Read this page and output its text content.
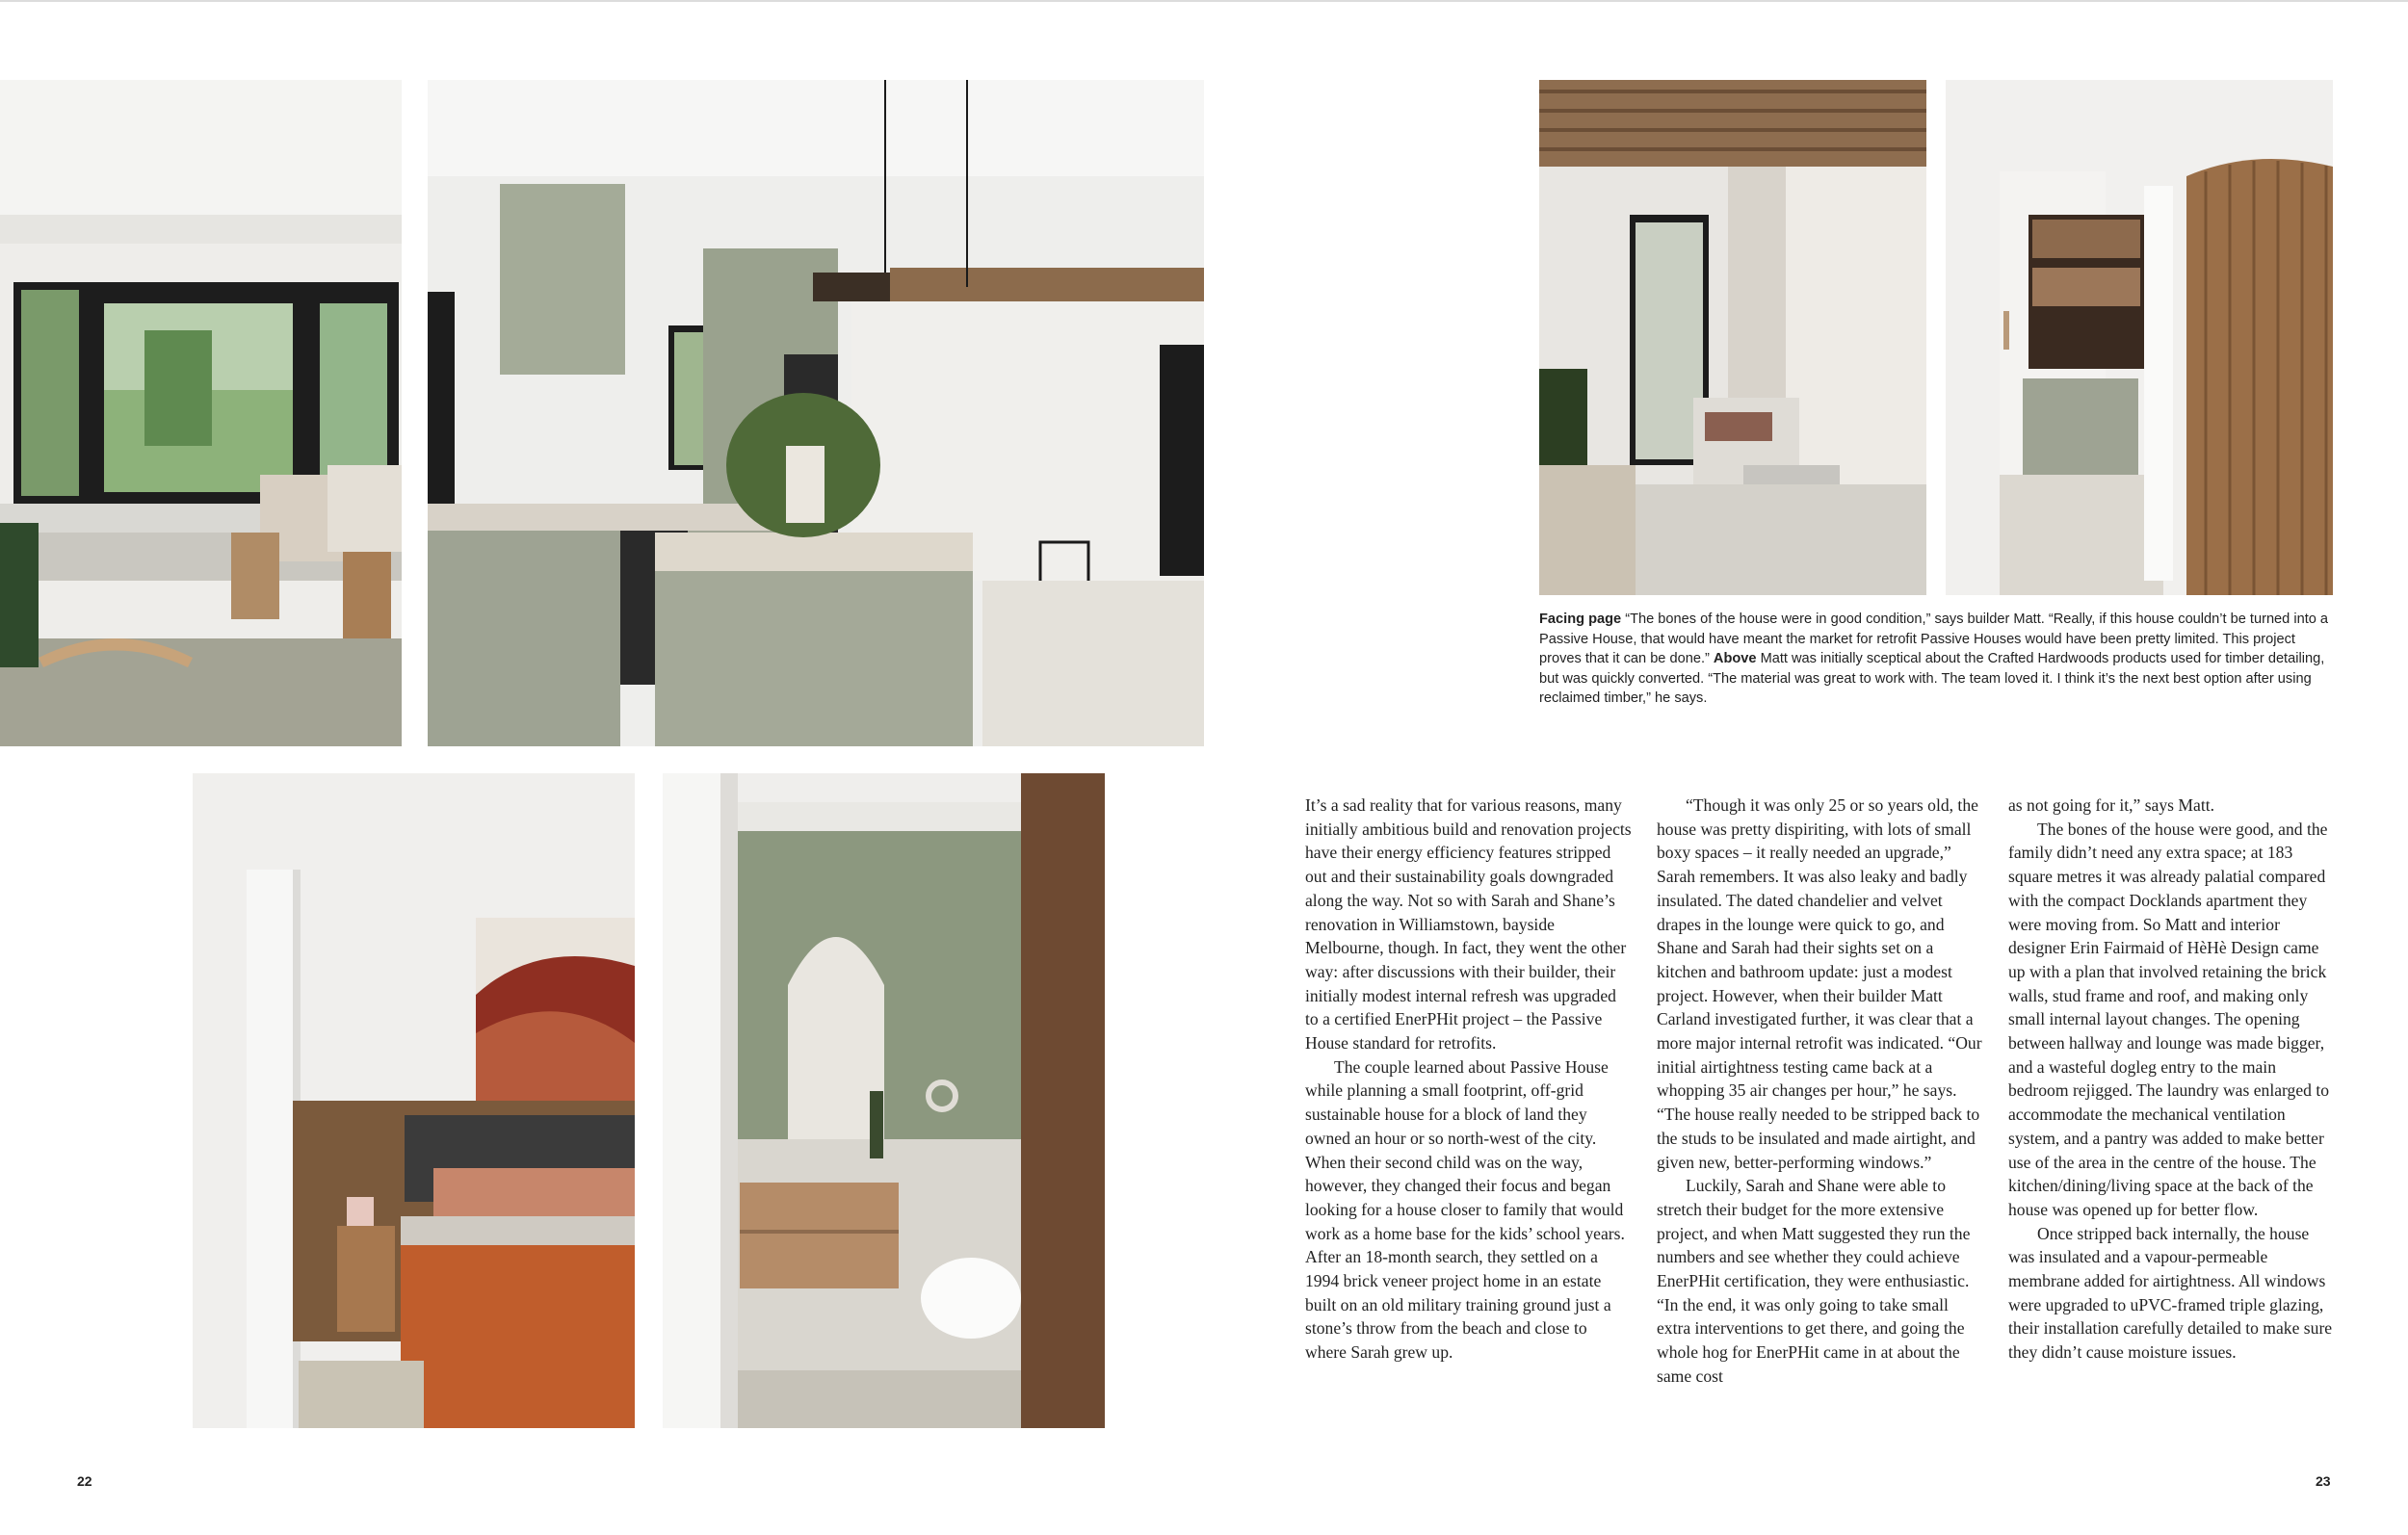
Facing page “The bones of the house were in good condition,” says builder Matt. “Really, if this house couldn’t be turned into a Passive House, that would have meant the market for retrofit Passive Houses would have been pretty limited. This project proves that it can be done.” Above Matt was initially sceptical about the Crafted Hardwoods products used for timber detailing, but was quickly converted. “The material was great to work with. The team loved it. I think it’s the next best option after using reclaimed timber,” he says.

It’s a sad reality that for various reasons, many initially ambitious build and renovation projects have their energy efficiency features stripped out and their sustainability goals downgraded along the way. Not so with Sarah and Shane’s renovation in Williamstown, bayside Melbourne, though. In fact, they went the other way: after discussions with their builder, their initially modest internal refresh was upgraded to a certified EnerPHit project – the Passive House standard for retrofits.

The couple learned about Passive House while planning a small footprint, off-grid sustainable house for a block of land they owned an hour or so north-west of the city. When their second child was on the way, however, they changed their focus and began looking for a house closer to family that would work as a home base for the kids’ school years. After an 18-month search, they settled on a 1994 brick veneer project home in an estate built on an old military training ground just a stone’s throw from the beach and close to where Sarah grew up.

“Though it was only 25 or so years old, the house was pretty dispiriting, with lots of small boxy spaces – it really needed an upgrade,” Sarah remembers. It was also leaky and badly insulated. The dated chandelier and velvet drapes in the lounge were quick to go, and Shane and Sarah had their sights set on a kitchen and bathroom update: just a modest project. However, when their builder Matt Carland investigated further, it was clear that a more major internal retrofit was indicated. “Our initial airtightness testing came back at a whopping 35 air changes per hour,” he says. “The house really needed to be stripped back to the studs to be insulated and made airtight, and given new, better-performing windows.”

Luckily, Sarah and Shane were able to stretch their budget for the more extensive project, and when Matt suggested they run the numbers and see whether they could achieve EnerPHit certification, they were enthusiastic. “In the end, it was only going to take small extra interventions to get there, and going the whole hog for EnerPHit came in at about the same cost

as not going for it,” says Matt.

The bones of the house were good, and the family didn’t need any extra space; at 183 square metres it was already palatial compared with the compact Docklands apartment they were moving from. So Matt and interior designer Erin Fairmaid of HèHè Design came up with a plan that involved retaining the brick walls, stud frame and roof, and making only small internal layout changes. The opening between hallway and lounge was made bigger, and a wasteful dogleg entry to the main bedroom rejigged. The laundry was enlarged to accommodate the mechanical ventilation system, and a pantry was added to make better use of the area in the centre of the house. The kitchen/dining/living space at the back of the house was opened up for better flow.

Once stripped back internally, the house was insulated and a vapour-permeable membrane added for airtightness. All windows were upgraded to uPVC-framed triple glazing, their installation carefully detailed to make sure they didn’t cause moisture issues.

22	23
